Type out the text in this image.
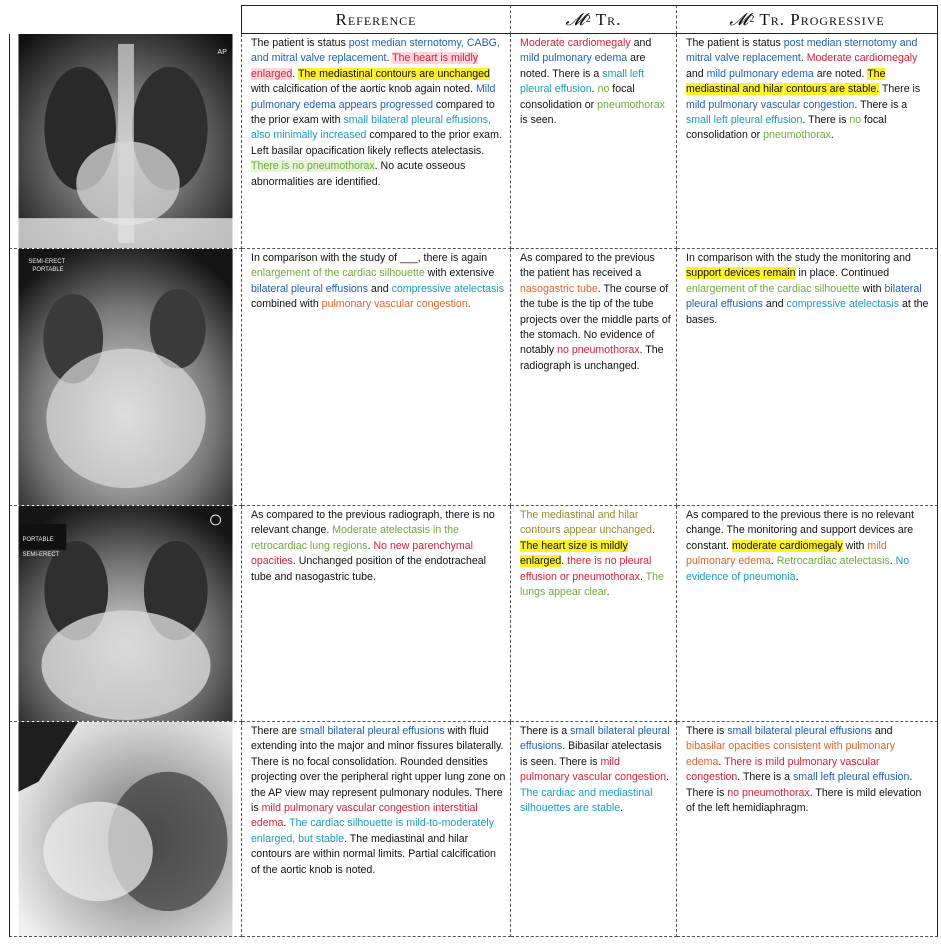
Reference	𝓜 2 Tr.	𝓜 2 Tr.
Progressive
AP
The patient is status post median sternotomy, CABG, and mitral valve replacement. The heart is mildly enlarged. The mediastinal contours are unchanged with calcification of the aortic knob again noted. Mild pulmonary edema appears progressed compared to the prior exam with small bilateral pleural effusions, also minimally increased compared to the prior exam. Left basilar opacification likely reflects atelectasis. There is no pneumothorax. No acute osseous abnormalities are identified.
Moderate cardiomegaly and mild pulmonary edema are noted. There is a small left pleural effusion. no focal consolidation or pneumothorax is seen.
The patient is status post median sternotomy and mitral valve replacement. Moderate cardiomegaly and mild pulmonary edema are noted. The mediastinal and hilar contours are stable. There is mild pulmonary vascular congestion. There is a small left pleural effusion. There is no focal consolidation or pneumothorax.
SEMI-ERECT
PORTABLE
In comparison with the study of ___, there is again enlargement of the cardiac silhouette with extensive bilateral pleural effusions and compressive atelectasis combined with pulmonary vascular congestion.
As compared to the previous the patient has received a nasogastric tube. The course of the tube is the tip of the tube projects over the middle parts of the stomach. No evidence of notably no pneumothorax. The radiograph is unchanged.
In comparison with the study the monitoring and support devices remain in place. Continued enlargement of the cardiac silhouette with bilateral pleural effusions and compressive atelectasis at the bases.
PORTABLE
SEMI-ERECT
As compared to the previous radiograph, there is no relevant change. Moderate atelectasis in the retrocardiac lung regions. No new parenchymal opacities. Unchanged position of the endotracheal tube and nasogastric tube.
The mediastinal and hilar contours appear unchanged. The heart size is mildly enlarged. there is no pleural effusion or pneumothorax. The lungs appear clear.
As compared to the previous there is no relevant change. The monitoring and support devices are constant. moderate cardiomegaly with mild pulmonary edema. Retrocardiac atelectasis. No evidence of pneumonia.
There are small bilateral pleural effusions with fluid extending into the major and minor fissures bilaterally. There is no focal consolidation. Rounded densities projecting over the peripheral right upper lung zone on the AP view may represent pulmonary nodules. There is mild pulmonary vascular congestion interstitial edema. The cardiac silhouette is mild-to-moderately enlarged, but stable. The mediastinal and hilar contours are within normal limits. Partial calcification of the aortic knob is noted.
There is a small bilateral pleural effusions. Bibasilar atelectasis is seen. There is mild pulmonary vascular congestion. The cardiac and mediastinal silhouettes are stable.
There is small bilateral pleural effusions and bibasilar opacities consistent with pulmonary edema. There is mild pulmonary vascular congestion. There is a small left pleural effusion. There is no pneumothorax. There is mild elevation of the left hemidiaphragm.
